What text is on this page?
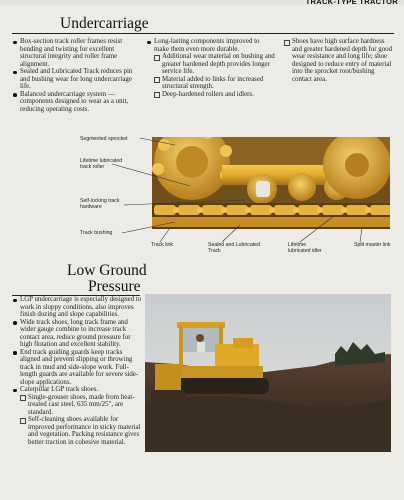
TRACK-TYPE TRACTOR
Undercarriage
Box-section track roller frames resist bending and twisting for excellent structural integrity and roller frame alignment.
Sealed and Lubricated Track reduces pin and bushing wear for long undercarriage life.
Balanced undercarriage system — components designed to wear as a unit, reducing operating costs.
Long-lasting components improved to make them even more durable.
Additional wear material on bushing and greater hardened depth provides longer service life.
Material added to links for increased structural strength.
Deep-hardened rollers and idlers.
Shoes have high surface hardness and greater hardened depth for good wear resistance and long life; shoe designed to reduce entry of material into the sprocket root/bushing contact area.
Segmented sprocket
Lifetime lubricated track roller
Self-locking track hardware
Track bushing
Track link	Sealed and Lubricated Track
Lifetime lubricated idler
Split master link
Low Ground
Pressure
LGP undercarriage is especially designed to work in sloppy conditions, also improves finish dozing and slope capabilities.
Wide track shoes, long track frame and wider gauge combine to increase track contact area, reduce ground pressure for high flotation and excellent stability.
End track guiding guards keep tracks aligned and prevent slipping or throwing track in mud and side-slope work. Full-length guards are available for severe side-slope applications.
Caterpillar LGP track shoes.
Single-grouser shoes, made from heat-treated cast steel, 635 mm/25", are standard.
Self-cleaning shoes available for improved performance in sticky material and vegetation. Packing resistance gives better traction in cohesive material.
